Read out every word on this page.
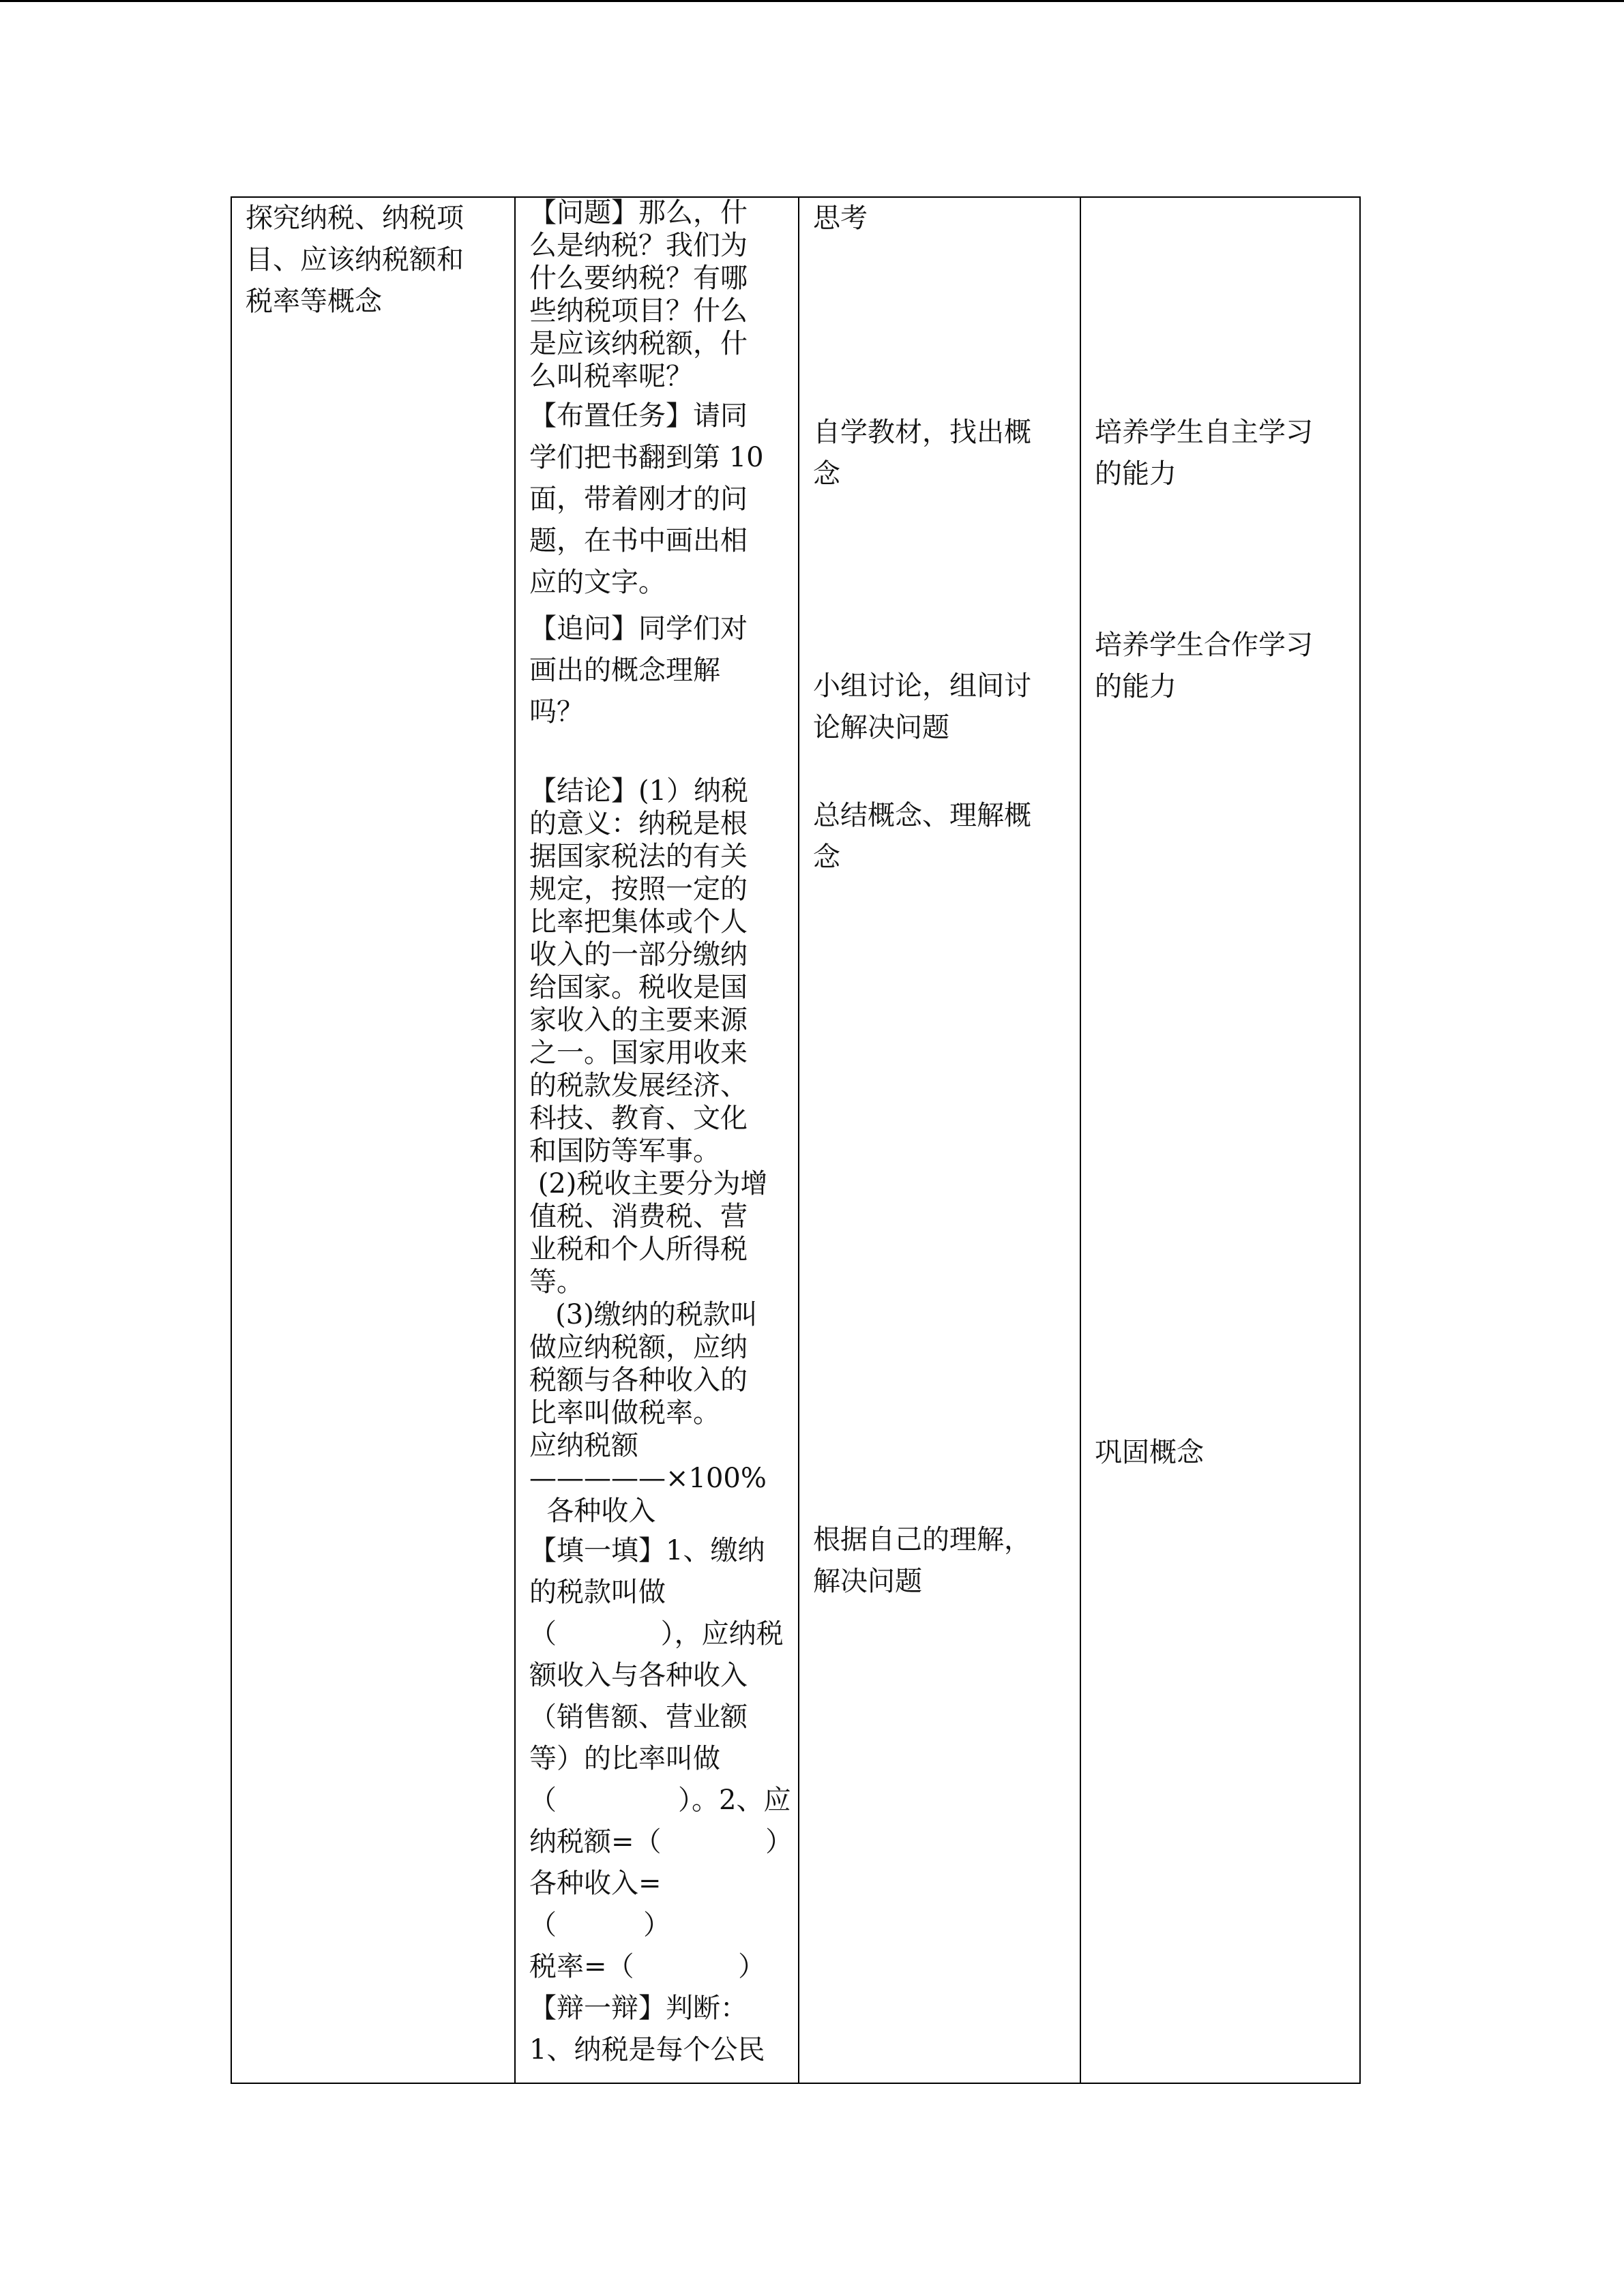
探究纳税、纳税项
目、应该纳税额和
税率等概念
【问题】那么，什
么是纳税？我们为
什么要纳税？有哪
些纳税项目？什么
是应该纳税额，什
么叫税率呢？
【布置任务】请同
学们把书翻到第 10
面，带着刚才的问
题，在书中画出相
应的文字。
【追问】同学们对
画出的概念理解
吗？
【结论】(1）纳税
的意义：纳税是根
据国家税法的有关
规定，按照一定的
比率把集体或个人
收入的一部分缴纳
给国家。税收是国
家收入的主要来源
之一。国家用收来
的税款发展经济、
科技、教育、文化
和国防等军事。
(2)税收主要分为增
值税、消费税、营
业税和个人所得税
等。
(3)缴纳的税款叫
做应纳税额，应纳
税额与各种收入的
比率叫做税率。
应纳税额
—————×100%
各种收入
【填一填】1、缴纳
的税款叫做
（            ），应纳税
额收入与各种收入
（销售额、营业额
等）的比率叫做
（              ）。2、应
纳税额=（            ）
各种收入=
（          ）
税率=（            ）
【辩一辩】判断：
1、纳税是每个公民
思考
自学教材，找出概
念
小组讨论，组间讨
论解决问题
总结概念、理解概
念
根据自己的理解，
解决问题
培养学生自主学习
的能力
培养学生合作学习
的能力
巩固概念
